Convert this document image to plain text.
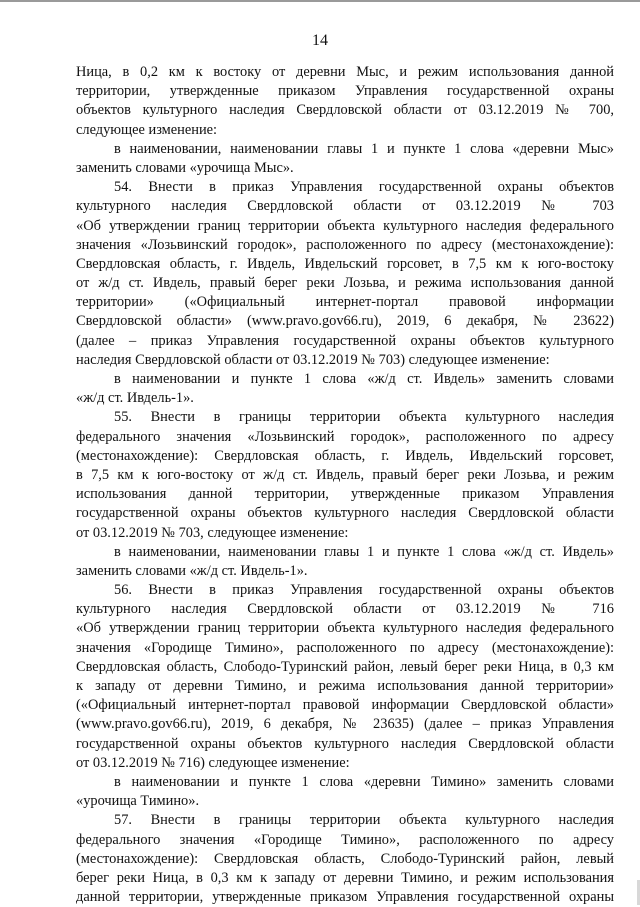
14
Ница, в 0,2 км к востоку от деревни Мыс, и режим использования данной
территории, утвержденные приказом Управления государственной охраны
объектов культурного наследия Свердловской области от 03.12.2019 № 700,
следующее изменение:
в наименовании, наименовании главы 1 и пункте 1 слова «деревни Мыс»
заменить словами «урочища Мыс».
54. Внести в приказ Управления государственной охраны объектов
культурного наследия Свердловской области от 03.12.2019 № 703
«Об утверждении границ территории объекта культурного наследия федерального
значения «Лозьвинский городок», расположенного по адресу (местонахождение):
Свердловская область, г. Ивдель, Ивдельский горсовет, в 7,5 км к юго-востоку
от ж/д ст. Ивдель, правый берег реки Лозьва, и режима использования данной
территории» («Официальный интернет-портал правовой информации
Свердловской области» (www.pravo.gov66.ru), 2019, 6 декабря, № 23622)
(далее – приказ Управления государственной охраны объектов культурного
наследия Свердловской области от 03.12.2019 № 703) следующее изменение:
в наименовании и пункте 1 слова «ж/д ст. Ивдель» заменить словами
«ж/д ст. Ивдель-1».
55. Внести в границы территории объекта культурного наследия
федерального значения «Лозьвинский городок», расположенного по адресу
(местонахождение): Свердловская область, г. Ивдель, Ивдельский горсовет,
в 7,5 км к юго-востоку от ж/д ст. Ивдель, правый берег реки Лозьва, и режим
использования данной территории, утвержденные приказом Управления
государственной охраны объектов культурного наследия Свердловской области
от 03.12.2019 № 703, следующее изменение:
в наименовании, наименовании главы 1 и пункте 1 слова «ж/д ст. Ивдель»
заменить словами «ж/д ст. Ивдель-1».
56. Внести в приказ Управления государственной охраны объектов
культурного наследия Свердловской области от 03.12.2019 № 716
«Об утверждении границ территории объекта культурного наследия федерального
значения «Городище Тимино», расположенного по адресу (местонахождение):
Свердловская область, Слободо-Туринский район, левый берег реки Ница, в 0,3 км
к западу от деревни Тимино, и режима использования данной территории»
(«Официальный интернет-портал правовой информации Свердловской области»
(www.pravo.gov66.ru), 2019, 6 декабря, № 23635) (далее – приказ Управления
государственной охраны объектов культурного наследия Свердловской области
от 03.12.2019 № 716) следующее изменение:
в наименовании и пункте 1 слова «деревни Тимино» заменить словами
«урочища Тимино».
57. Внести в границы территории объекта культурного наследия
федерального значения «Городище Тимино», расположенного по адресу
(местонахождение): Свердловская область, Слободо-Туринский район, левый
берег реки Ница, в 0,3 км к западу от деревни Тимино, и режим использования
данной территории, утвержденные приказом Управления государственной охраны
